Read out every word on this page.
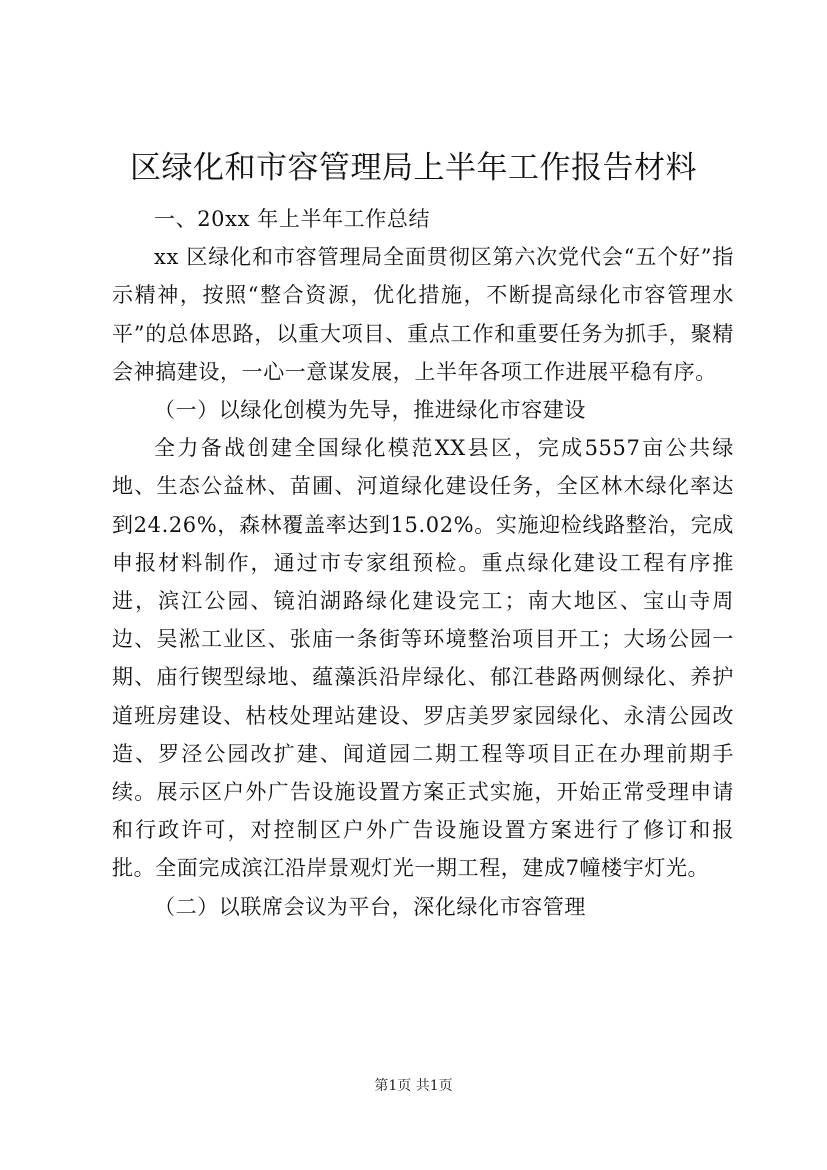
区绿化和市容管理局上半年工作报告材料

一、20xx 年上半年工作总结

xx 区绿化和市容管理局全面贯彻区第六次党代会“五个好”指示精神，按照“整合资源，优化措施，不断提高绿化市容管理水平”的总体思路，以重大项目、重点工作和重要任务为抓手，聚精会神搞建设，一心一意谋发展，上半年各项工作进展平稳有序。

（一）以绿化创模为先导，推进绿化市容建设

全力备战创建全国绿化模范XX县区，完成5557亩公共绿地、生态公益林、苗圃、河道绿化建设任务，全区林木绿化率达到24.26%，森林覆盖率达到15.02%。实施迎检线路整治，完成申报材料制作，通过市专家组预检。重点绿化建设工程有序推进，滨江公园、镜泊湖路绿化建设完工；南大地区、宝山寺周边、吴淞工业区、张庙一条街等环境整治项目开工；大场公园一期、庙行锲型绿地、蕴藻浜沿岸绿化、郁江巷路两侧绿化、养护道班房建设、枯枝处理站建设、罗店美罗家园绿化、永清公园改造、罗泾公园改扩建、闻道园二期工程等项目正在办理前期手续。展示区户外广告设施设置方案正式实施，开始正常受理申请和行政许可，对控制区户外广告设施设置方案进行了修订和报批。全面完成滨江沿岸景观灯光一期工程，建成7幢楼宇灯光。

（二）以联席会议为平台，深化绿化市容管理

第1页 共1页
